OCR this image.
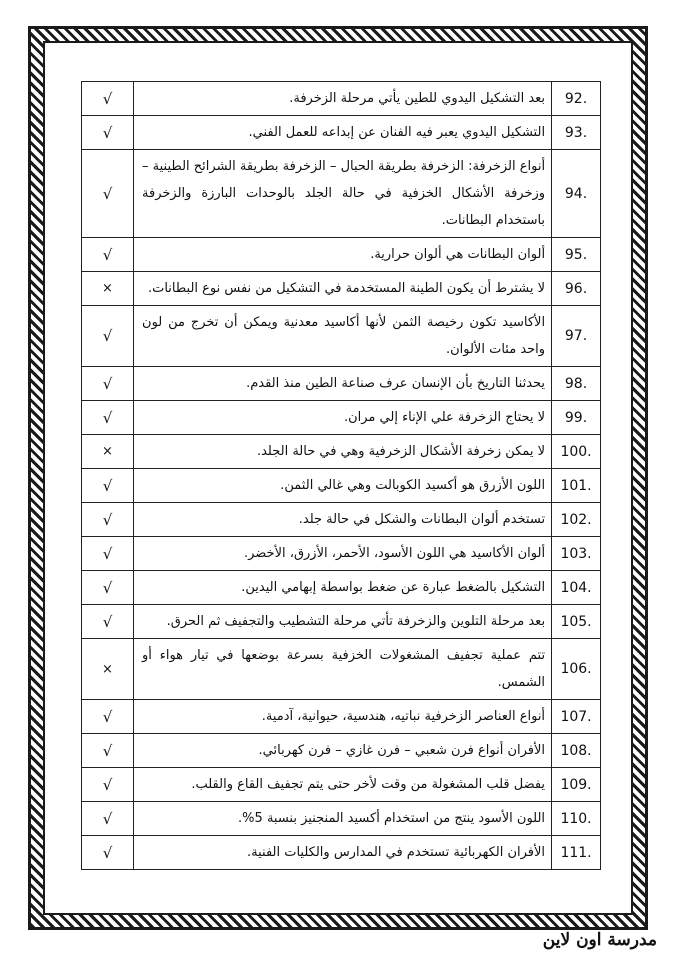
.92	بعد التشكيل اليدوي للطين يأتي مرحلة الزخرفة.	√
.93	التشكيل اليدوي يعبر فيه الفنان عن إبداعه للعمل الفني.	√
.94	أنواع الزخرفة: الزخرفة بطريقة الحبال – الزخرفة بطريقة الشرائح الطينية – وزخرفة الأشكال الخزفية في حالة الجلد بالوحدات البارزة والزخرفة باستخدام البطانات.	√
.95	ألوان البطانات هي ألوان حرارية.	√
.96	لا يشترط أن يكون الطينة المستخدمة في التشكيل من نفس نوع البطانات.	×
.97	الأكاسيد تكون رخيصة الثمن لأنها أكاسيد معدنية ويمكن أن تخرج من لون واحد مئات الألوان.	√
.98	يحدثنا التاريخ بأن الإنسان عرف صناعة الطين منذ القدم.	√
.99	لا يحتاج الزخرفة علي الإناء إلي مران.	√
.100	لا يمكن زخرفة الأشكال الزخرفية وهي في حالة الجلد.	×
.101	اللون الأزرق هو أكسيد الكوبالت وهي غالي الثمن.	√
.102	تستخدم ألوان البطانات والشكل في حالة جلد.	√
.103	ألوان الأكاسيد هي اللون الأسود، الأحمر، الأزرق، الأخضر.	√
.104	التشكيل بالضغط عبارة عن ضغط بواسطة إبهامي اليدين.	√
.105	بعد مرحلة التلوين والزخرفة تأتي مرحلة التشطيب والتجفيف ثم الحرق.	√
.106	تتم عملية تجفيف المشغولات الخزفية بسرعة بوضعها في تيار هواء أو الشمس.	×
.107	أنواع العناصر الزخرفية نباتيه، هندسية، حيوانية، آدمية.	√
.108	الأفران أنواع فرن شعبي – فرن غازي – فرن كهربائي.	√
.109	يفضل قلب المشغولة من وقت لأخر حتى يتم تجفيف القاع والقلب.	√
.110	اللون الأسود ينتج من استخدام أكسيد المنجنيز بنسبة 5%.	√
.111	الأفران الكهربائية تستخدم في المدارس والكليات الفنية.	√
مدرسة اون لاين
